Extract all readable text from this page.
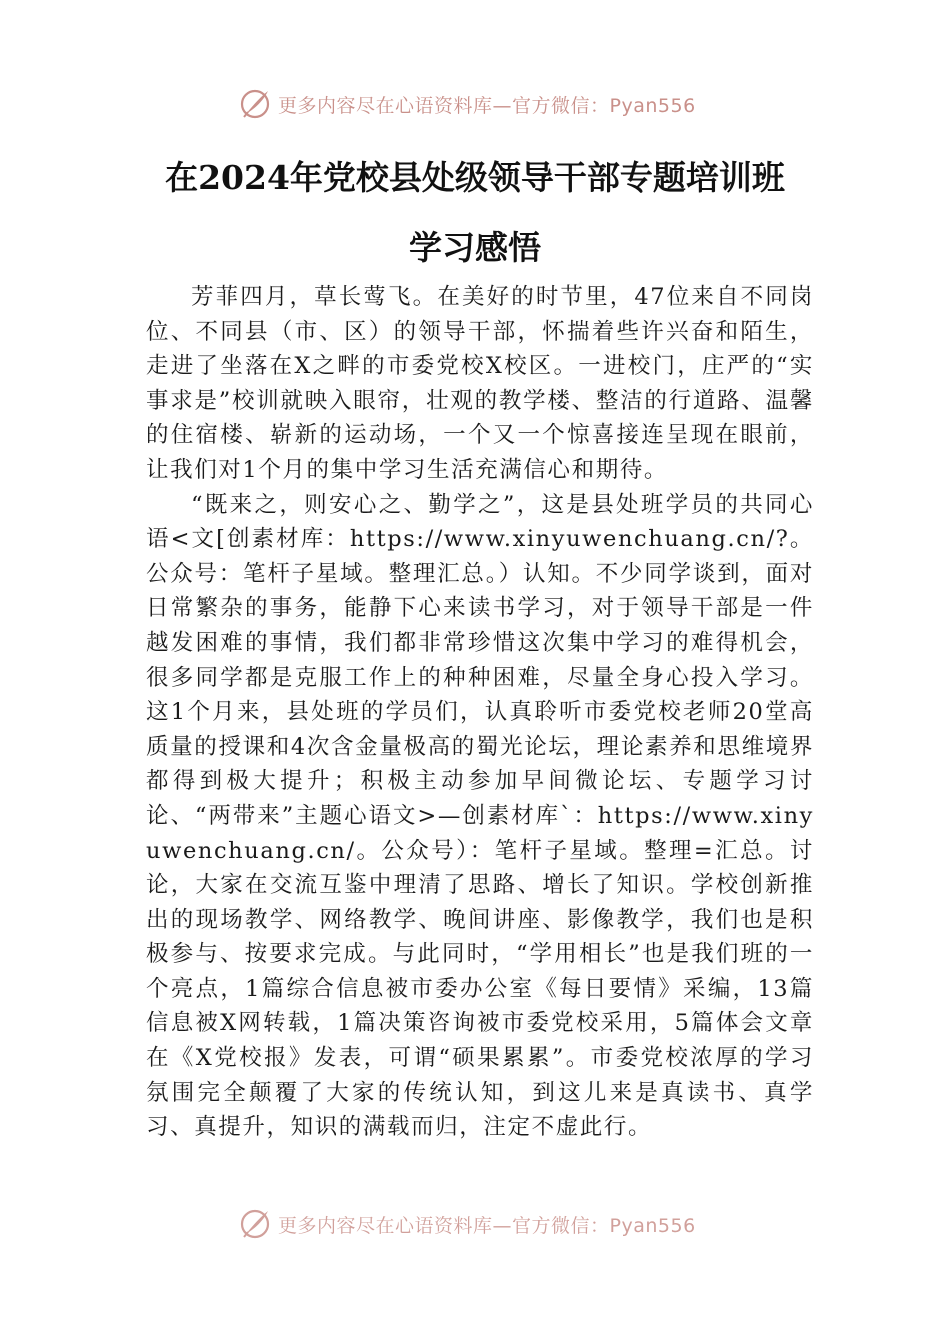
更多内容尽在心语资料库—官方微信：Pyan556
在2024年党校县处级领导干部专题培训班
学习感悟

芳菲四月，草长莺飞。在美好的时节里，47位来自不同岗位、不同县（市、区）的领导干部，怀揣着些许兴奋和陌生，走进了坐落在X之畔的市委党校X校区。一进校门，庄严的“实事求是”校训就映入眼帘，壮观的教学楼、整洁的行道路、温馨的住宿楼、崭新的运动场，一个又一个惊喜接连呈现在眼前，让我们对1个月的集中学习生活充满信心和期待。

“既来之，则安心之、勤学之”，这是县处班学员的共同心语<文[创素材库：https://www.xinyuwenchuang.cn/?。公众号：笔杆子星域。整理汇总。）认知。不少同学谈到，面对日常繁杂的事务，能静下心来读书学习，对于领导干部是一件越发困难的事情，我们都非常珍惜这次集中学习的难得机会，很多同学都是克服工作上的种种困难，尽量全身心投入学习。这1个月来，县处班的学员们，认真聆听市委党校老师20堂高质量的授课和4次含金量极高的蜀光论坛，理论素养和思维境界都得到极大提升；积极主动参加早间微论坛、专题学习讨论、“两带来”主题心语文>—创素材库`：https://www.xinyuwenchuang.cn/。公众号）：笔杆子星域。整理=汇总。讨论，大家在交流互鉴中理清了思路、增长了知识。学校创新推出的现场教学、网络教学、晚间讲座、影像教学，我们也是积极参与、按要求完成。与此同时，“学用相长”也是我们班的一个亮点，1篇综合信息被市委办公室《每日要情》采编，13篇信息被X网转载，1篇决策咨询被市委党校采用，5篇体会文章在《X党校报》发表，可谓“硕果累累”。市委党校浓厚的学习氛围完全颠覆了大家的传统认知，到这儿来是真读书、真学习、真提升，知识的满载而归，注定不虚此行。

更多内容尽在心语资料库—官方微信：Pyan556
